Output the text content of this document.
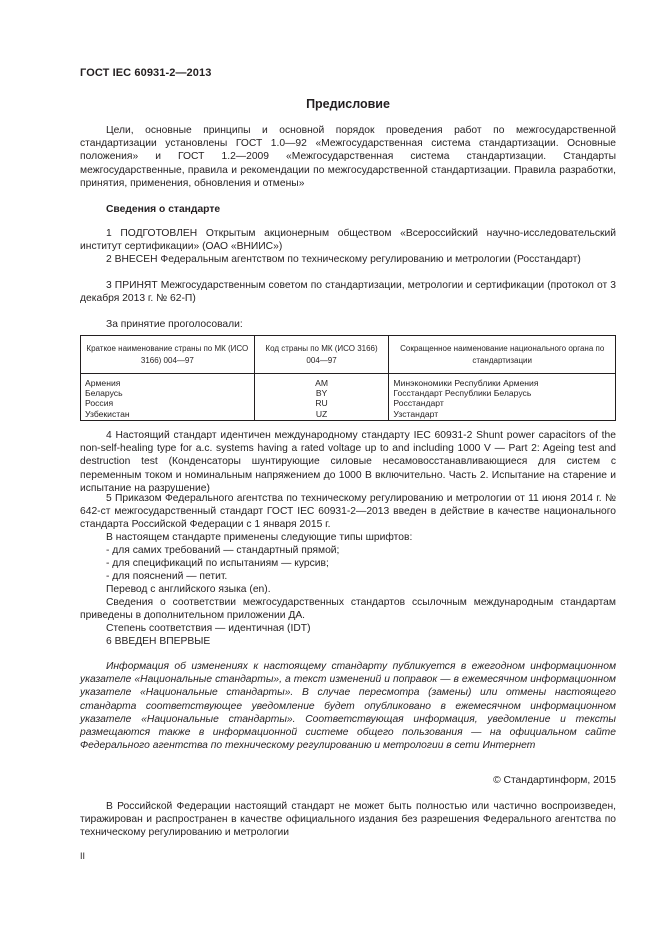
ГОСТ IEC 60931-2—2013
Предисловие
Цели, основные принципы и основной порядок проведения работ по межгосударственной стандартизации установлены ГОСТ 1.0—92 «Межгосударственная система стандартизации. Основные положения» и ГОСТ 1.2—2009 «Межгосударственная система стандартизации. Стандарты межгосударственные, правила и рекомендации по межгосударственной стандартизации. Правила разработки, принятия, применения, обновления и отмены»
Сведения о стандарте
1 ПОДГОТОВЛЕН Открытым акционерным обществом «Всероссийский научно-исследовательский институт сертификации» (ОАО «ВНИИС»)
2 ВНЕСЕН Федеральным агентством по техническому регулированию и метрологии (Росстандарт)
3 ПРИНЯТ Межгосударственным советом по стандартизации, метрологии и сертификации (протокол от 3 декабря 2013 г. № 62-П)
За принятие проголосовали:
Краткое наименование страны по МК (ИСО 3166) 004—97	Код страны по МК (ИСО 3166) 004—97	Сокращенное наименование национального органа по стандартизации
Армения	AM	Минэкономики Республики Армения
Беларусь	BY	Госстандарт Республики Беларусь
Россия	RU	Росстандарт
Узбекистан	UZ	Узстандарт
4 Настоящий стандарт идентичен международному стандарту IEC 60931-2 Shunt power capacitors of the non-self-healing type for a.c. systems having a rated voltage up to and including 1000 V — Part 2: Ageing test and destruction test (Конденсаторы шунтирующие силовые несамовосстанавливающиеся для систем с переменным током и номинальным напряжением до 1000 В включительно. Часть 2. Испытание на старение и испытание на разрушение)
5 Приказом Федерального агентства по техническому регулированию и метрологии от 11 июня 2014 г. № 642-ст межгосударственный стандарт ГОСТ IEC 60931-2—2013 введен в действие в качестве национального стандарта Российской Федерации с 1 января 2015 г.
В настоящем стандарте применены следующие типы шрифтов:
- для самих требований — стандартный прямой;
- для спецификаций по испытаниям — курсив;
- для пояснений — петит.
Перевод с английского языка (en).
Сведения о соответствии межгосударственных стандартов ссылочным международным стандартам приведены в дополнительном приложении ДА.
Степень соответствия — идентичная (IDT)
6 ВВЕДЕН ВПЕРВЫЕ
Информация об изменениях к настоящему стандарту публикуется в ежегодном информационном указателе «Национальные стандарты», а текст изменений и поправок — в ежемесячном информационном указателе «Национальные стандарты». В случае пересмотра (замены) или отмены настоящего стандарта соответствующее уведомление будет опубликовано в ежемесячном информационном указателе «Национальные стандарты». Соответствующая информация, уведомление и тексты размещаются также в информационной системе общего пользования — на официальном сайте Федерального агентства по техническому регулированию и метрологии в сети Интернет
© Стандартинформ, 2015
В Российской Федерации настоящий стандарт не может быть полностью или частично воспроизведен, тиражирован и распространен в качестве официального издания без разрешения Федерального агентства по техническому регулированию и метрологии
II
